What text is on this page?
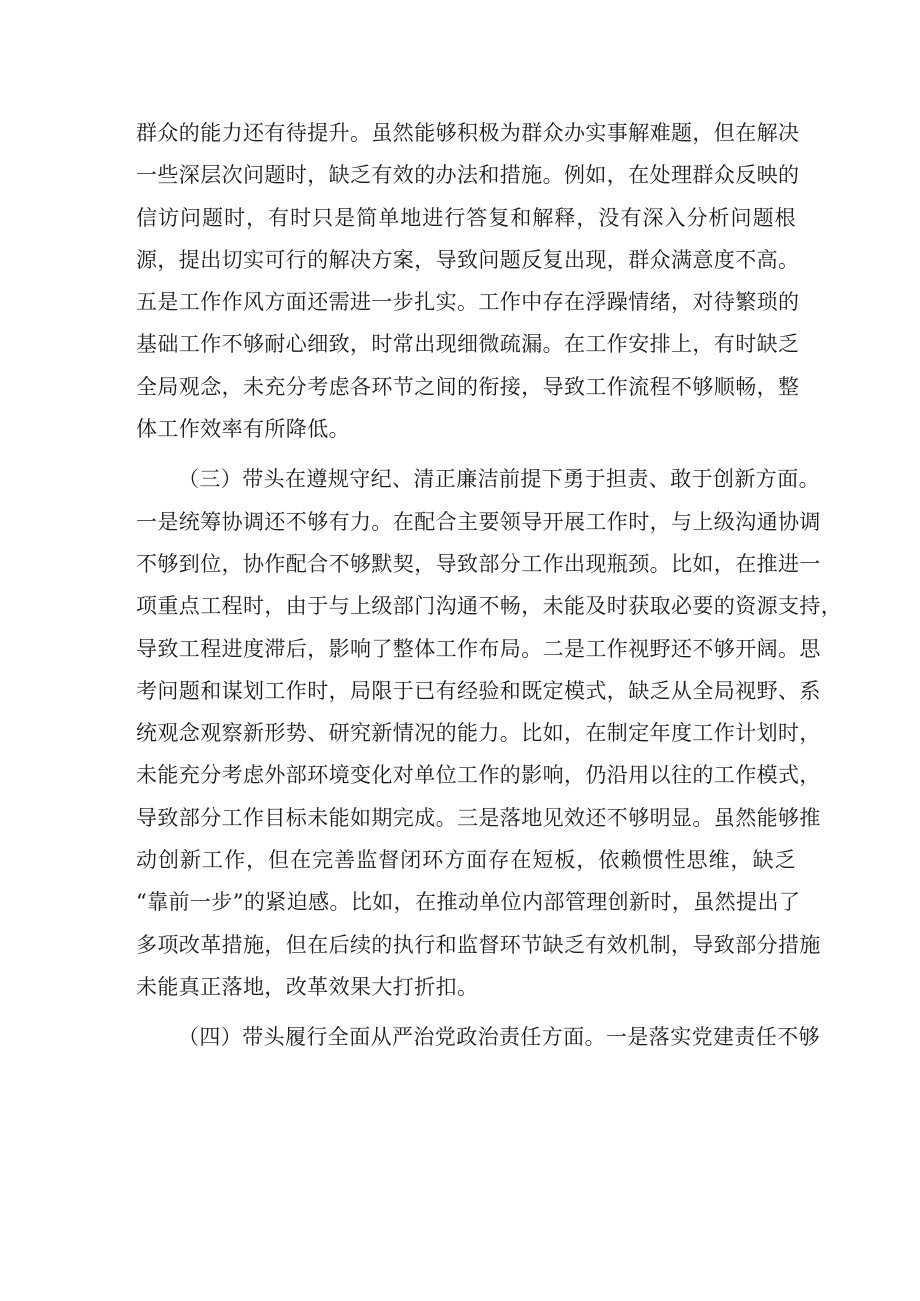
群众的能力还有待提升。虽然能够积极为群众办实事解难题，但在解决
一些深层次问题时，缺乏有效的办法和措施。例如，在处理群众反映的
信访问题时，有时只是简单地进行答复和解释，没有深入分析问题根
源，提出切实可行的解决方案，导致问题反复出现，群众满意度不高。
五是工作作风方面还需进一步扎实。工作中存在浮躁情绪，对待繁琐的
基础工作不够耐心细致，时常出现细微疏漏。在工作安排上，有时缺乏
全局观念，未充分考虑各环节之间的衔接，导致工作流程不够顺畅，整
体工作效率有所降低。
（三）带头在遵规守纪、清正廉洁前提下勇于担责、敢于创新方面。
一是统筹协调还不够有力。在配合主要领导开展工作时，与上级沟通协调
不够到位，协作配合不够默契，导致部分工作出现瓶颈。比如，在推进一
项重点工程时，由于与上级部门沟通不畅，未能及时获取必要的资源支持，
导致工程进度滞后，影响了整体工作布局。二是工作视野还不够开阔。思
考问题和谋划工作时，局限于已有经验和既定模式，缺乏从全局视野、系
统观念观察新形势、研究新情况的能力。比如，在制定年度工作计划时，
未能充分考虑外部环境变化对单位工作的影响，仍沿用以往的工作模式，
导致部分工作目标未能如期完成。三是落地见效还不够明显。虽然能够推
动创新工作，但在完善监督闭环方面存在短板，依赖惯性思维，缺乏
“靠前一步”的紧迫感。比如，在推动单位内部管理创新时，虽然提出了
多项改革措施，但在后续的执行和监督环节缺乏有效机制，导致部分措施
未能真正落地，改革效果大打折扣。
（四）带头履行全面从严治党政治责任方面。一是落实党建责任不够
